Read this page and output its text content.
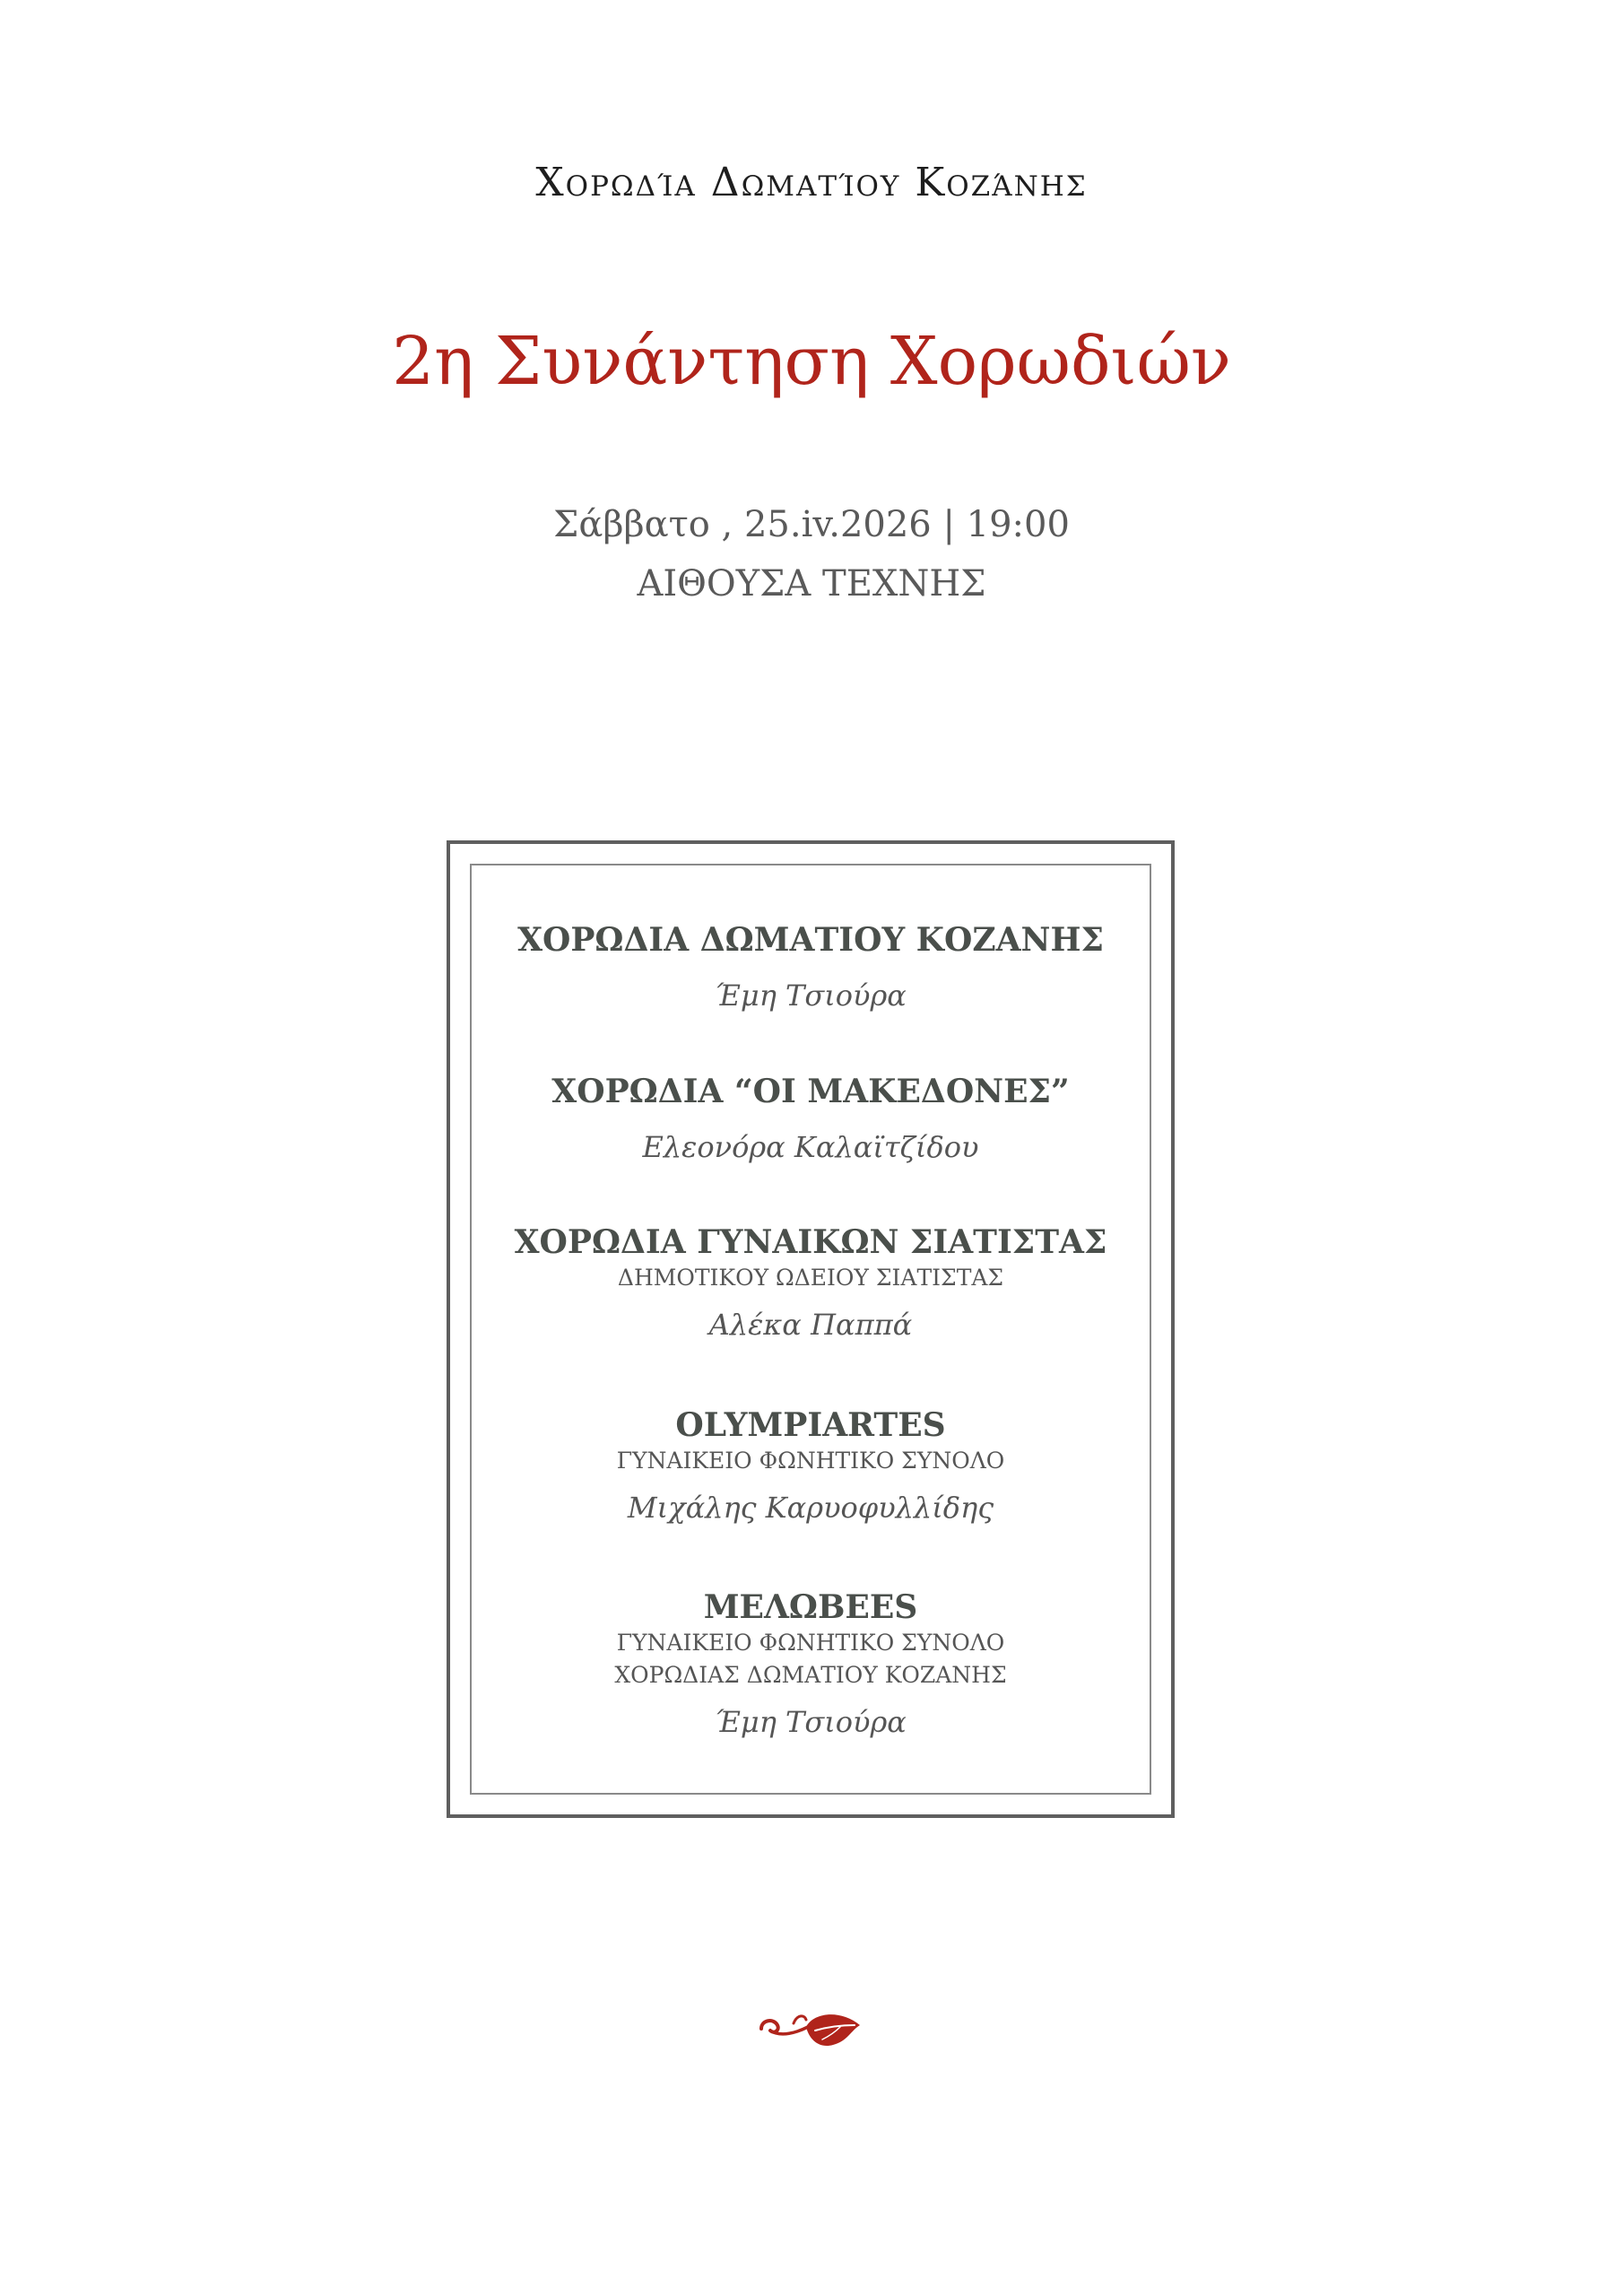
Χορωδία Δωματίου Κοζάνης
2η Συνάντηση Χορωδιών
Σάββατο , 25.iv.2026 | 19:00
ΑΙΘΟΥΣΑ ΤΕΧΝΗΣ
ΧΟΡΩΔΙΑ ΔΩΜΑΤΙΟΥ ΚΟΖΑΝΗΣ
Έμη Τσιούρα
ΧΟΡΩΔΙΑ “ΟΙ ΜΑΚΕΔΟΝΕΣ”
Ελεονόρα Καλαϊτζίδου
ΧΟΡΩΔΙΑ ΓΥΝΑΙΚΩΝ ΣΙΑΤΙΣΤΑΣ
ΔΗΜΟΤΙΚΟΥ ΩΔΕΙΟΥ ΣΙΑΤΙΣΤΑΣ
Αλέκα Παππά
OLYMPIARTES
ΓΥΝΑΙΚΕΙΟ ΦΩΝΗΤΙΚΟ ΣΥΝΟΛΟ
Μιχάλης Καρυοφυλλίδης
ΜΕΛΩBEES
ΓΥΝΑΙΚΕΙΟ ΦΩΝΗΤΙΚΟ ΣΥΝΟΛΟ
ΧΟΡΩΔΙΑΣ ΔΩΜΑΤΙΟΥ ΚΟΖΑΝΗΣ
Έμη Τσιούρα
